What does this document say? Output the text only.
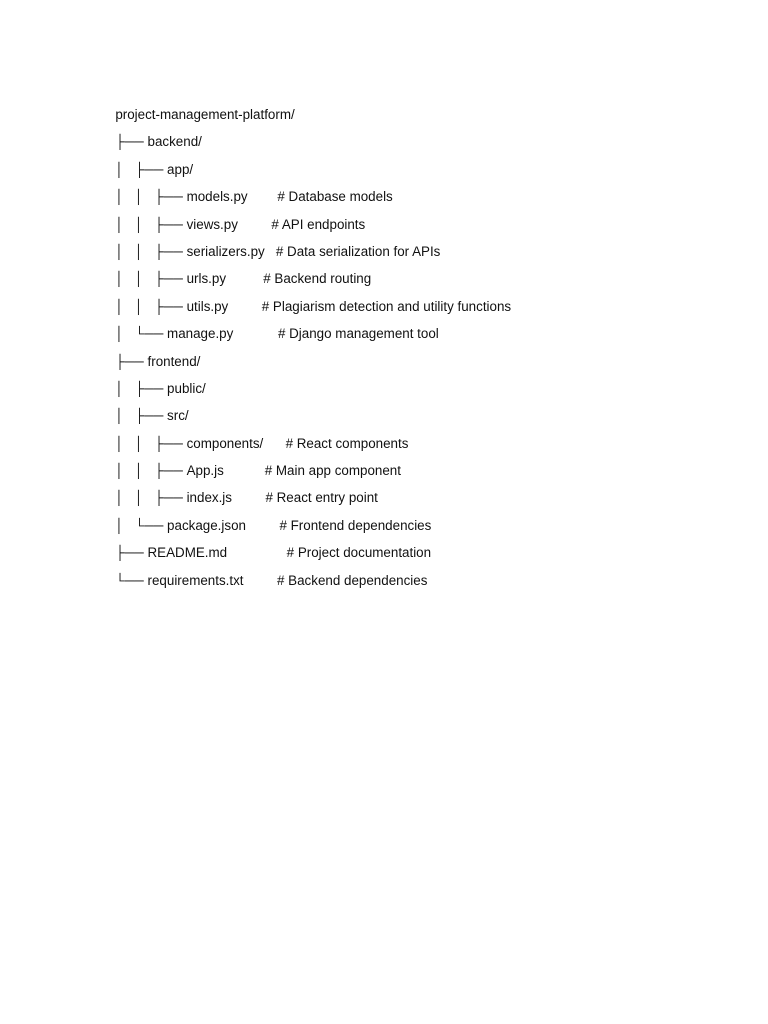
project-management-platform/

├── backend/

│   ├── app/

│   │   ├── models.py # Database models

│   │   ├── views.py # API endpoints

│   │   ├── serializers.py # Data serialization for APIs

│   │   ├── urls.py	# Backend routing

│   │   ├── utils.py # Plagiarism detection and utility functions

│   └── manage.py	# Django management tool

├── frontend/

│   ├── public/

│   ├── src/

│   │   ├── components/ # React components

│   │   ├── App.js	# Main app component

│   │   ├── index.js # React entry point

│   └── package.json # Frontend dependencies

├── README.md	# Project documentation

└── requirements.txt # Backend dependencies
